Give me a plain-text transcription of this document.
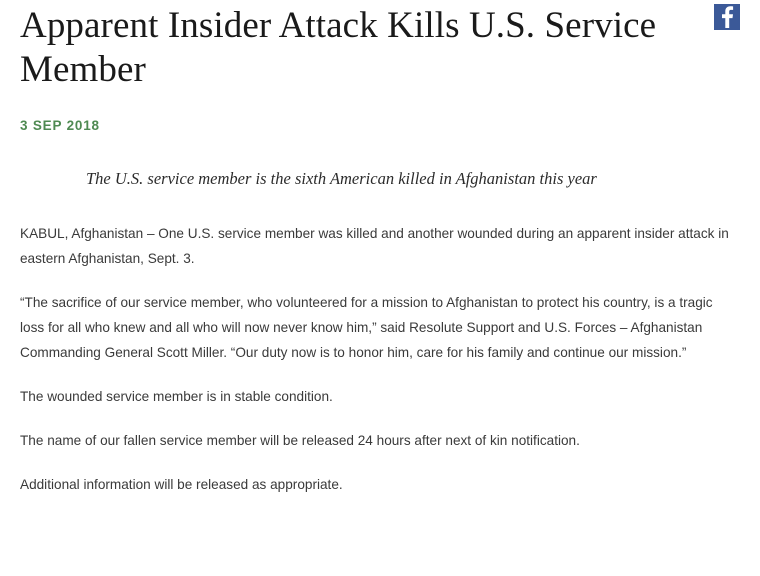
Apparent Insider Attack Kills U.S. Service Member
3 SEP 2018
The U.S. service member is the sixth American killed in Afghanistan this year

KABUL, Afghanistan – One U.S. service member was killed and another wounded during an apparent insider attack in eastern Afghanistan, Sept. 3.

“The sacrifice of our service member, who volunteered for a mission to Afghanistan to protect his country, is a tragic loss for all who knew and all who will now never know him,” said Resolute Support and U.S. Forces – Afghanistan Commanding General Scott Miller. “Our duty now is to honor him, care for his family and continue our mission.”

The wounded service member is in stable condition.

The name of our fallen service member will be released 24 hours after next of kin notification.

Additional information will be released as appropriate.
